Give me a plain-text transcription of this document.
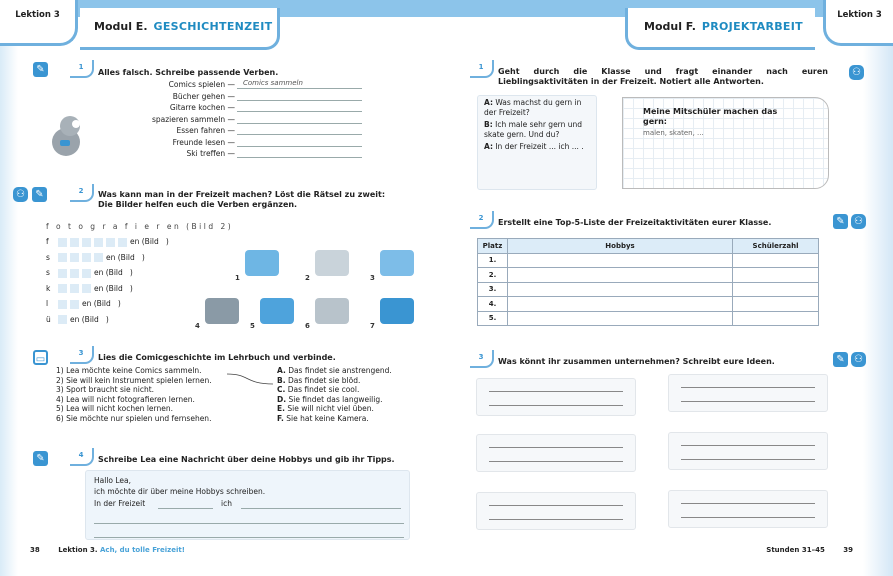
Lektion 3
Modul E. GESCHICHTENZEIT	Modul F. PROJEKTARBEIT
Lektion 3
✎	1
Alles falsch. Schreibe passende Verben.
Comics spielen —	Comics sammeln
Bücher gehen —
Gitarre kochen —
spazieren sammeln —
Essen fahren —
Freunde lesen —
Ski treffen —
⚇	✎	2	Was kann man in der Freizeit machen? Löst die Rätsel zu zweit:
Die Bilder helfen euch die Verben ergänzen.
f o t o g r a f i e r en (Bild 2)
f	en (Bild   )
s	en (Bild   )
s	en (Bild   )
k	en (Bild   )
l	en (Bild   )
ü	en (Bild   )
1	2	3
4	5	6	7
▭
3	Lies die Comicgeschichte im Lehrbuch und verbinde.
1) Lea möchte keine Comics sammeln.
2) Sie will kein Instrument spielen lernen.
3) Sport braucht sie nicht.
4) Lea will nicht fotografieren lernen.
5) Lea will nicht kochen lernen.
6) Sie möchte nur spielen und fernsehen.
A. Das findet sie anstrengend.
B. Das findet sie blöd.
C. Das findet sie cool.
D. Sie findet das langweilig.
E. Sie will nicht viel üben.
F. Sie hat keine Kamera.
✎	4	Schreibe Lea eine Nachricht über deine Hobbys und gib ihr Tipps.
Hallo Lea,
ich möchte dir über meine Hobbys schreiben.
In der Freizeit	ich
38	Lektion 3. Ach, du tolle Freizeit!
1	Geht durch die Klasse und fragt einander nach euren
Lieblingsaktivitäten in der Freizeit. Notiert alle Antworten.
⚇
A: Was machst du gern in der Freizeit?
B: Ich male sehr gern und skate gern. Und du?
A: In der Freizeit ... ich ... .
Meine Mitschüler machen das gern:
malen, skaten, ...
2	Erstellt eine Top-5-Liste der Freizeitaktivitäten eurer Klasse.	✎ ⚇
Platz	Hobbys	Schülerzahl
1.		
2.		
3.		
4.		
5.		
3	Was könnt ihr zusammen unternehmen? Schreibt eure Ideen.	✎ ⚇
Stunden 31–45	39
